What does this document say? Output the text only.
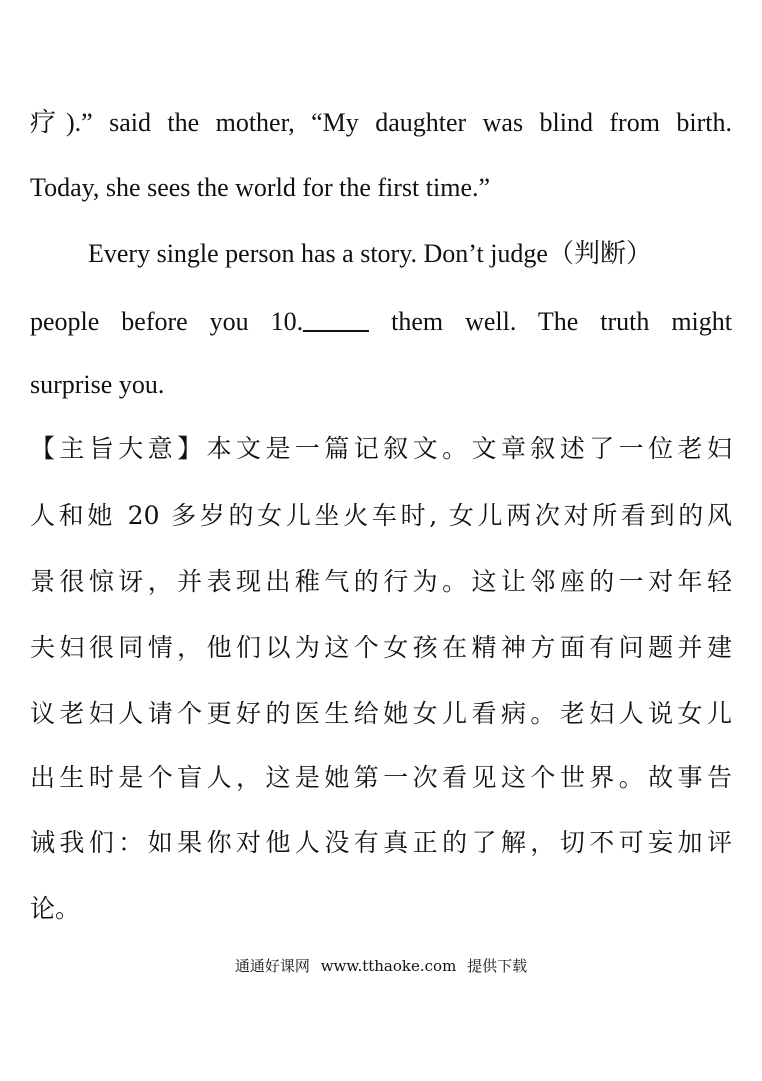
疗).” said the mother, “My daughter was blind from birth.
Today, she sees the world for the first time.”
Every single person has a story. Don’t judge（判断）
people before you 10.	them well. The truth might
surprise you.
【主旨大意】本文是一篇记叙文。文章叙述了一位老妇
人和她 20 多岁的女儿坐火车时, 女儿两次对所看到的风
景很惊讶，并表现出稚气的行为。这让邻座的一对年轻
夫妇很同情，他们以为这个女孩在精神方面有问题并建
议老妇人请个更好的医生给她女儿看病。老妇人说女儿
出生时是个盲人，这是她第一次看见这个世界。故事告
诫我们：如果你对他人没有真正的了解，切不可妄加评
论。
通通好课网 www.tthaoke.com 提供下载
